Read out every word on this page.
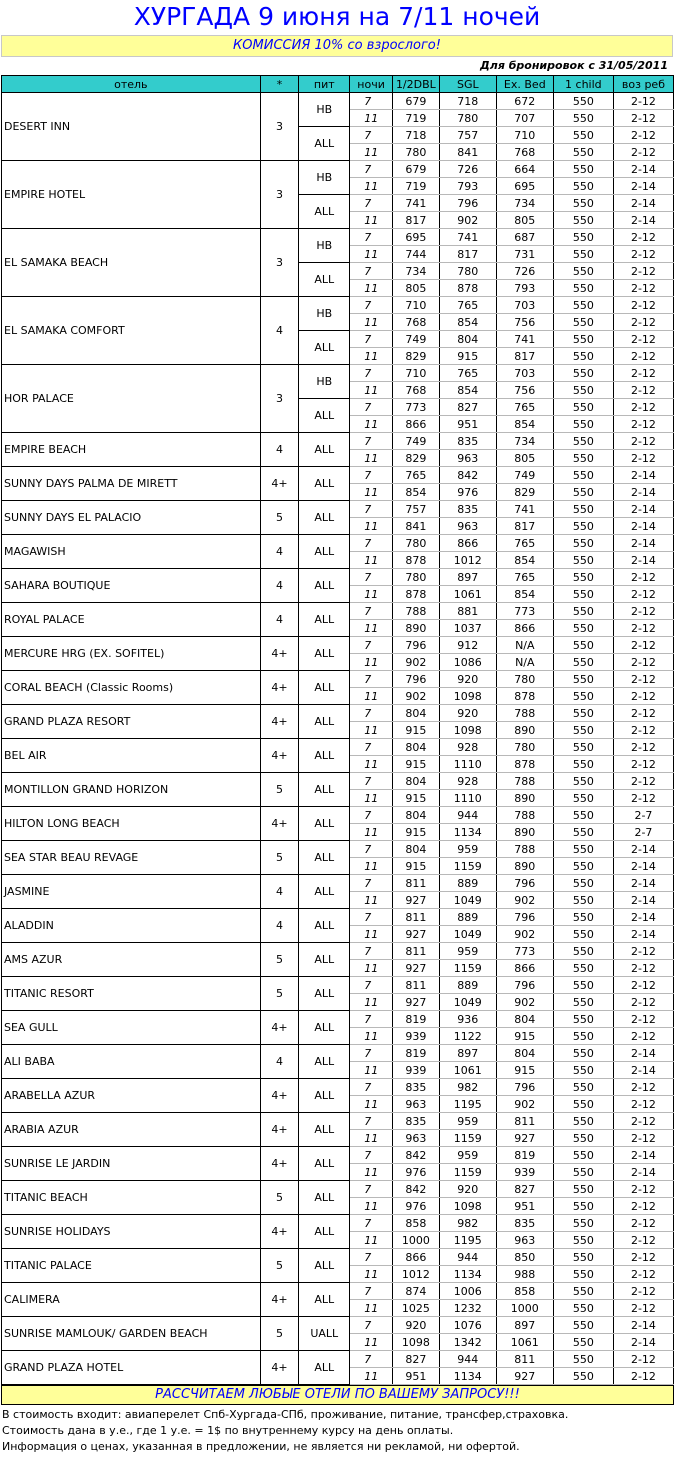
ХУРГАДА 9 июня на 7/11 ночей
КОМИССИЯ 10% со взрослого!
Для бронировок с 31/05/2011
отель	*	пит	ночи	1/2DBL	SGL	Ex. Bed	1 child	воз реб
DESERT INN	3	HB	7	679	718	672	550	2-12
			11	719	780	707	550	2-12
		ALL	7	718	757	710	550	2-12
			11	780	841	768	550	2-12
EMPIRE HOTEL	3	HB	7	679	726	664	550	2-14
			11	719	793	695	550	2-14
		ALL	7	741	796	734	550	2-14
			11	817	902	805	550	2-14
EL SAMAKA BEACH	3	HB	7	695	741	687	550	2-12
			11	744	817	731	550	2-12
		ALL	7	734	780	726	550	2-12
			11	805	878	793	550	2-12
EL SAMAKA COMFORT	4	HB	7	710	765	703	550	2-12
			11	768	854	756	550	2-12
		ALL	7	749	804	741	550	2-12
			11	829	915	817	550	2-12
HOR PALACE	3	HB	7	710	765	703	550	2-12
			11	768	854	756	550	2-12
		ALL	7	773	827	765	550	2-12
			11	866	951	854	550	2-12
EMPIRE BEACH	4	ALL	7	749	835	734	550	2-12
			11	829	963	805	550	2-12
SUNNY DAYS PALMA DE MIRETT	4+	ALL	7	765	842	749	550	2-14
			11	854	976	829	550	2-14
SUNNY DAYS EL PALACIO	5	ALL	7	757	835	741	550	2-14
			11	841	963	817	550	2-14
MAGAWISH	4	ALL	7	780	866	765	550	2-14
			11	878	1012	854	550	2-14
SAHARA BOUTIQUE	4	ALL	7	780	897	765	550	2-12
			11	878	1061	854	550	2-12
ROYAL PALACE	4	ALL	7	788	881	773	550	2-12
			11	890	1037	866	550	2-12
MERCURE HRG (EX. SOFITEL)	4+	ALL	7	796	912	N/A	550	2-12
			11	902	1086	N/A	550	2-12
CORAL BEACH (Classic Rooms)	4+	ALL	7	796	920	780	550	2-12
			11	902	1098	878	550	2-12
GRAND PLAZA RESORT	4+	ALL	7	804	920	788	550	2-12
			11	915	1098	890	550	2-12
BEL AIR	4+	ALL	7	804	928	780	550	2-12
			11	915	1110	878	550	2-12
MONTILLON GRAND HORIZON	5	ALL	7	804	928	788	550	2-12
			11	915	1110	890	550	2-12
HILTON LONG BEACH	4+	ALL	7	804	944	788	550	2-7
			11	915	1134	890	550	2-7
SEA STAR BEAU REVAGE	5	ALL	7	804	959	788	550	2-14
			11	915	1159	890	550	2-14
JASMINE	4	ALL	7	811	889	796	550	2-14
			11	927	1049	902	550	2-14
ALADDIN	4	ALL	7	811	889	796	550	2-14
			11	927	1049	902	550	2-14
AMS AZUR	5	ALL	7	811	959	773	550	2-12
			11	927	1159	866	550	2-12
TITANIC RESORT	5	ALL	7	811	889	796	550	2-12
			11	927	1049	902	550	2-12
SEA GULL	4+	ALL	7	819	936	804	550	2-12
			11	939	1122	915	550	2-12
ALI BABA	4	ALL	7	819	897	804	550	2-14
			11	939	1061	915	550	2-14
ARABELLA AZUR	4+	ALL	7	835	982	796	550	2-12
			11	963	1195	902	550	2-12
ARABIA AZUR	4+	ALL	7	835	959	811	550	2-12
			11	963	1159	927	550	2-12
SUNRISE LE JARDIN	4+	ALL	7	842	959	819	550	2-14
			11	976	1159	939	550	2-14
TITANIC BEACH	5	ALL	7	842	920	827	550	2-12
			11	976	1098	951	550	2-12
SUNRISE HOLIDAYS	4+	ALL	7	858	982	835	550	2-12
			11	1000	1195	963	550	2-12
TITANIC PALACE	5	ALL	7	866	944	850	550	2-12
			11	1012	1134	988	550	2-12
CALIMERA	4+	ALL	7	874	1006	858	550	2-12
			11	1025	1232	1000	550	2-12
SUNRISE MAMLOUK/ GARDEN BEACH	5	UALL	7	920	1076	897	550	2-14
			11	1098	1342	1061	550	2-14
GRAND PLAZA HOTEL	4+	ALL	7	827	944	811	550	2-12
			11	951	1134	927	550	2-12
РАССЧИТАЕМ ЛЮБЫЕ ОТЕЛИ ПО ВАШЕМУ ЗАПРОСУ!!!
В стоимость входит: авиаперелет Спб-Хургада-СПб, проживание, питание, трансфер,страховка.
Стоимость дана в у.е., где 1 у.е. = 1$ по внутреннему курсу на день оплаты.
Информация о ценах, указанная в предложении, не является ни рекламой, ни офертой.
